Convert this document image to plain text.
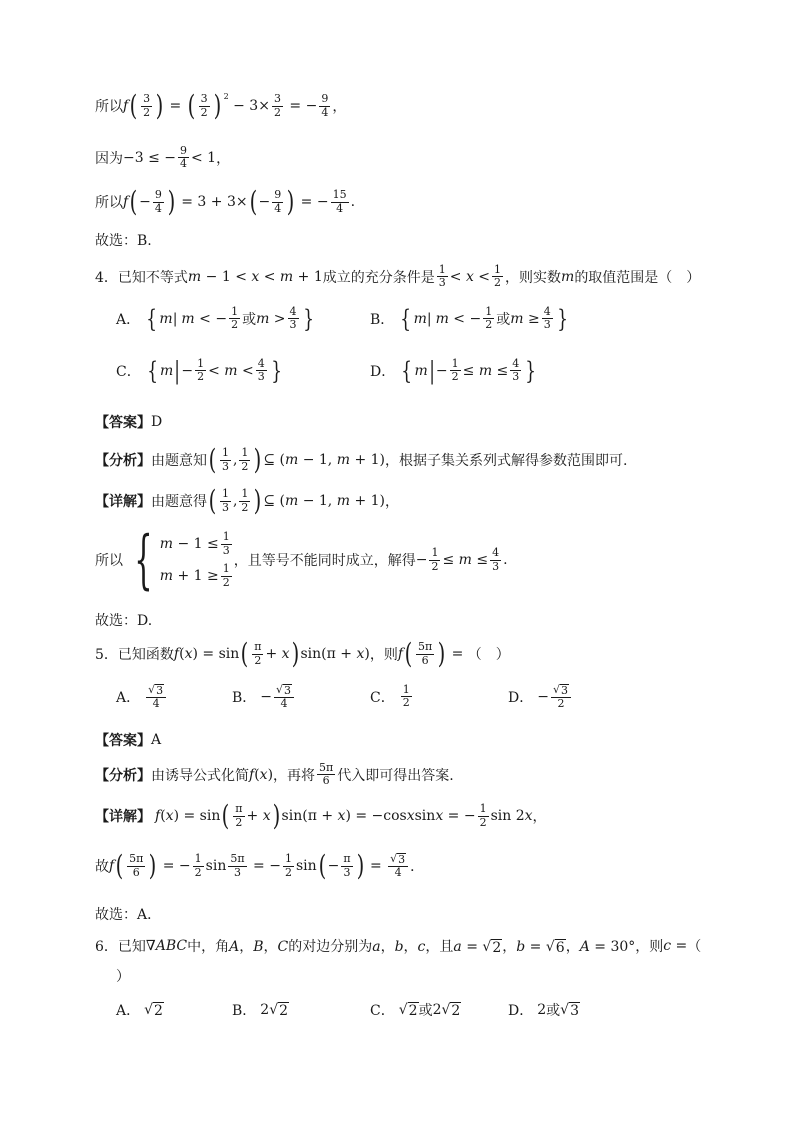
所以 f ( $\frac{3}{2}$ ) = ( $\frac{3}{2}$ ) 2
− $3\times \frac{3}{2}$ = − $\frac{9}{4}$ ，
因为 −3 ≤ − $\frac{9}{4} < 1$ ，
所以 f ( − $\frac{9}{4}$ ) = 3 + 3× ( − $\frac{9}{4}$ ) = − $\frac{15}{4}$ .
故选：B.
4．已知不等式 m − 1 < x < m + 1 成立的充分条件是 $\frac{1}{3} < x < \frac{1}{2}$ ，则实数 m 的取值范围是（　）
A． { m | m < − $\frac{1}{2}$ 或 $m > \frac{4}{3}$ }	B． { m | m < − $\frac{1}{2}$ 或 $m \ge \frac{4}{3}$ }
C． { m | − $\frac{1}{2} < m < \frac{4}{3}$ }	D． { m | − $\frac{1}{2} \le m \le \frac{4}{3}$ }
【答案】 D
【分析】 由题意知 ( $\frac{1}{3}$ , $\frac{1}{2}$ ) ⊆ (m − 1, m + 1) ，根据子集关系列式解得参数范围即可.
【详解】 由题意得 ( $\frac{1}{3}$ , $\frac{1}{2}$ ) ⊆ (m − 1, m + 1) ，
所以 { $m - 1 \le \frac{1}{3}$
$m + 1 \ge \frac{1}{2}$
，且等号不能同时成立，解得 − $\frac{1}{2} \le m \le \frac{4}{3}$ .
故选：D.
5．已知函数 f(x) = sin ( $\frac{\pi}{2} + x$ ) sin(π + x) ，则 f ( $\frac{5\pi}{6}$ ) = （　）
A． $\frac{√ 3}{4}$	B． − $\frac{√ 3}{4}$	C． $\frac{1}{2}$	D． − $\frac{√ 3}{2}$
【答案】 A
【分析】 由诱导公式化简 f(x) ，再将 $\frac{5\pi}{6}$ 代入即可得出答案.
【详解】 f(x) = sin ( $\frac{\pi}{2} + x$ ) sin(π + x) = −cosxsinx = − $\frac{1}{2}$ sin 2x ，
故 f ( $\frac{5\pi}{6}$ ) = − $\frac{1}{2}$ $\sin \frac{5\pi}{3}$ = − $\frac{1}{2}$ sin ( − $\frac{\pi}{3}$ ) = $\frac{√ 3}{4}$ ．
故选：A．
6．已知 ∇ABC 中，角 A，B，C 的对边分别为 a，b，c ，且 a = √ 2 ，b = √ 6 ，A = 30° ，则 c = （
）
A． √ 2	B． 2√ 2	C． √ 2 或 2√ 2	D． 2 或 √ 3
